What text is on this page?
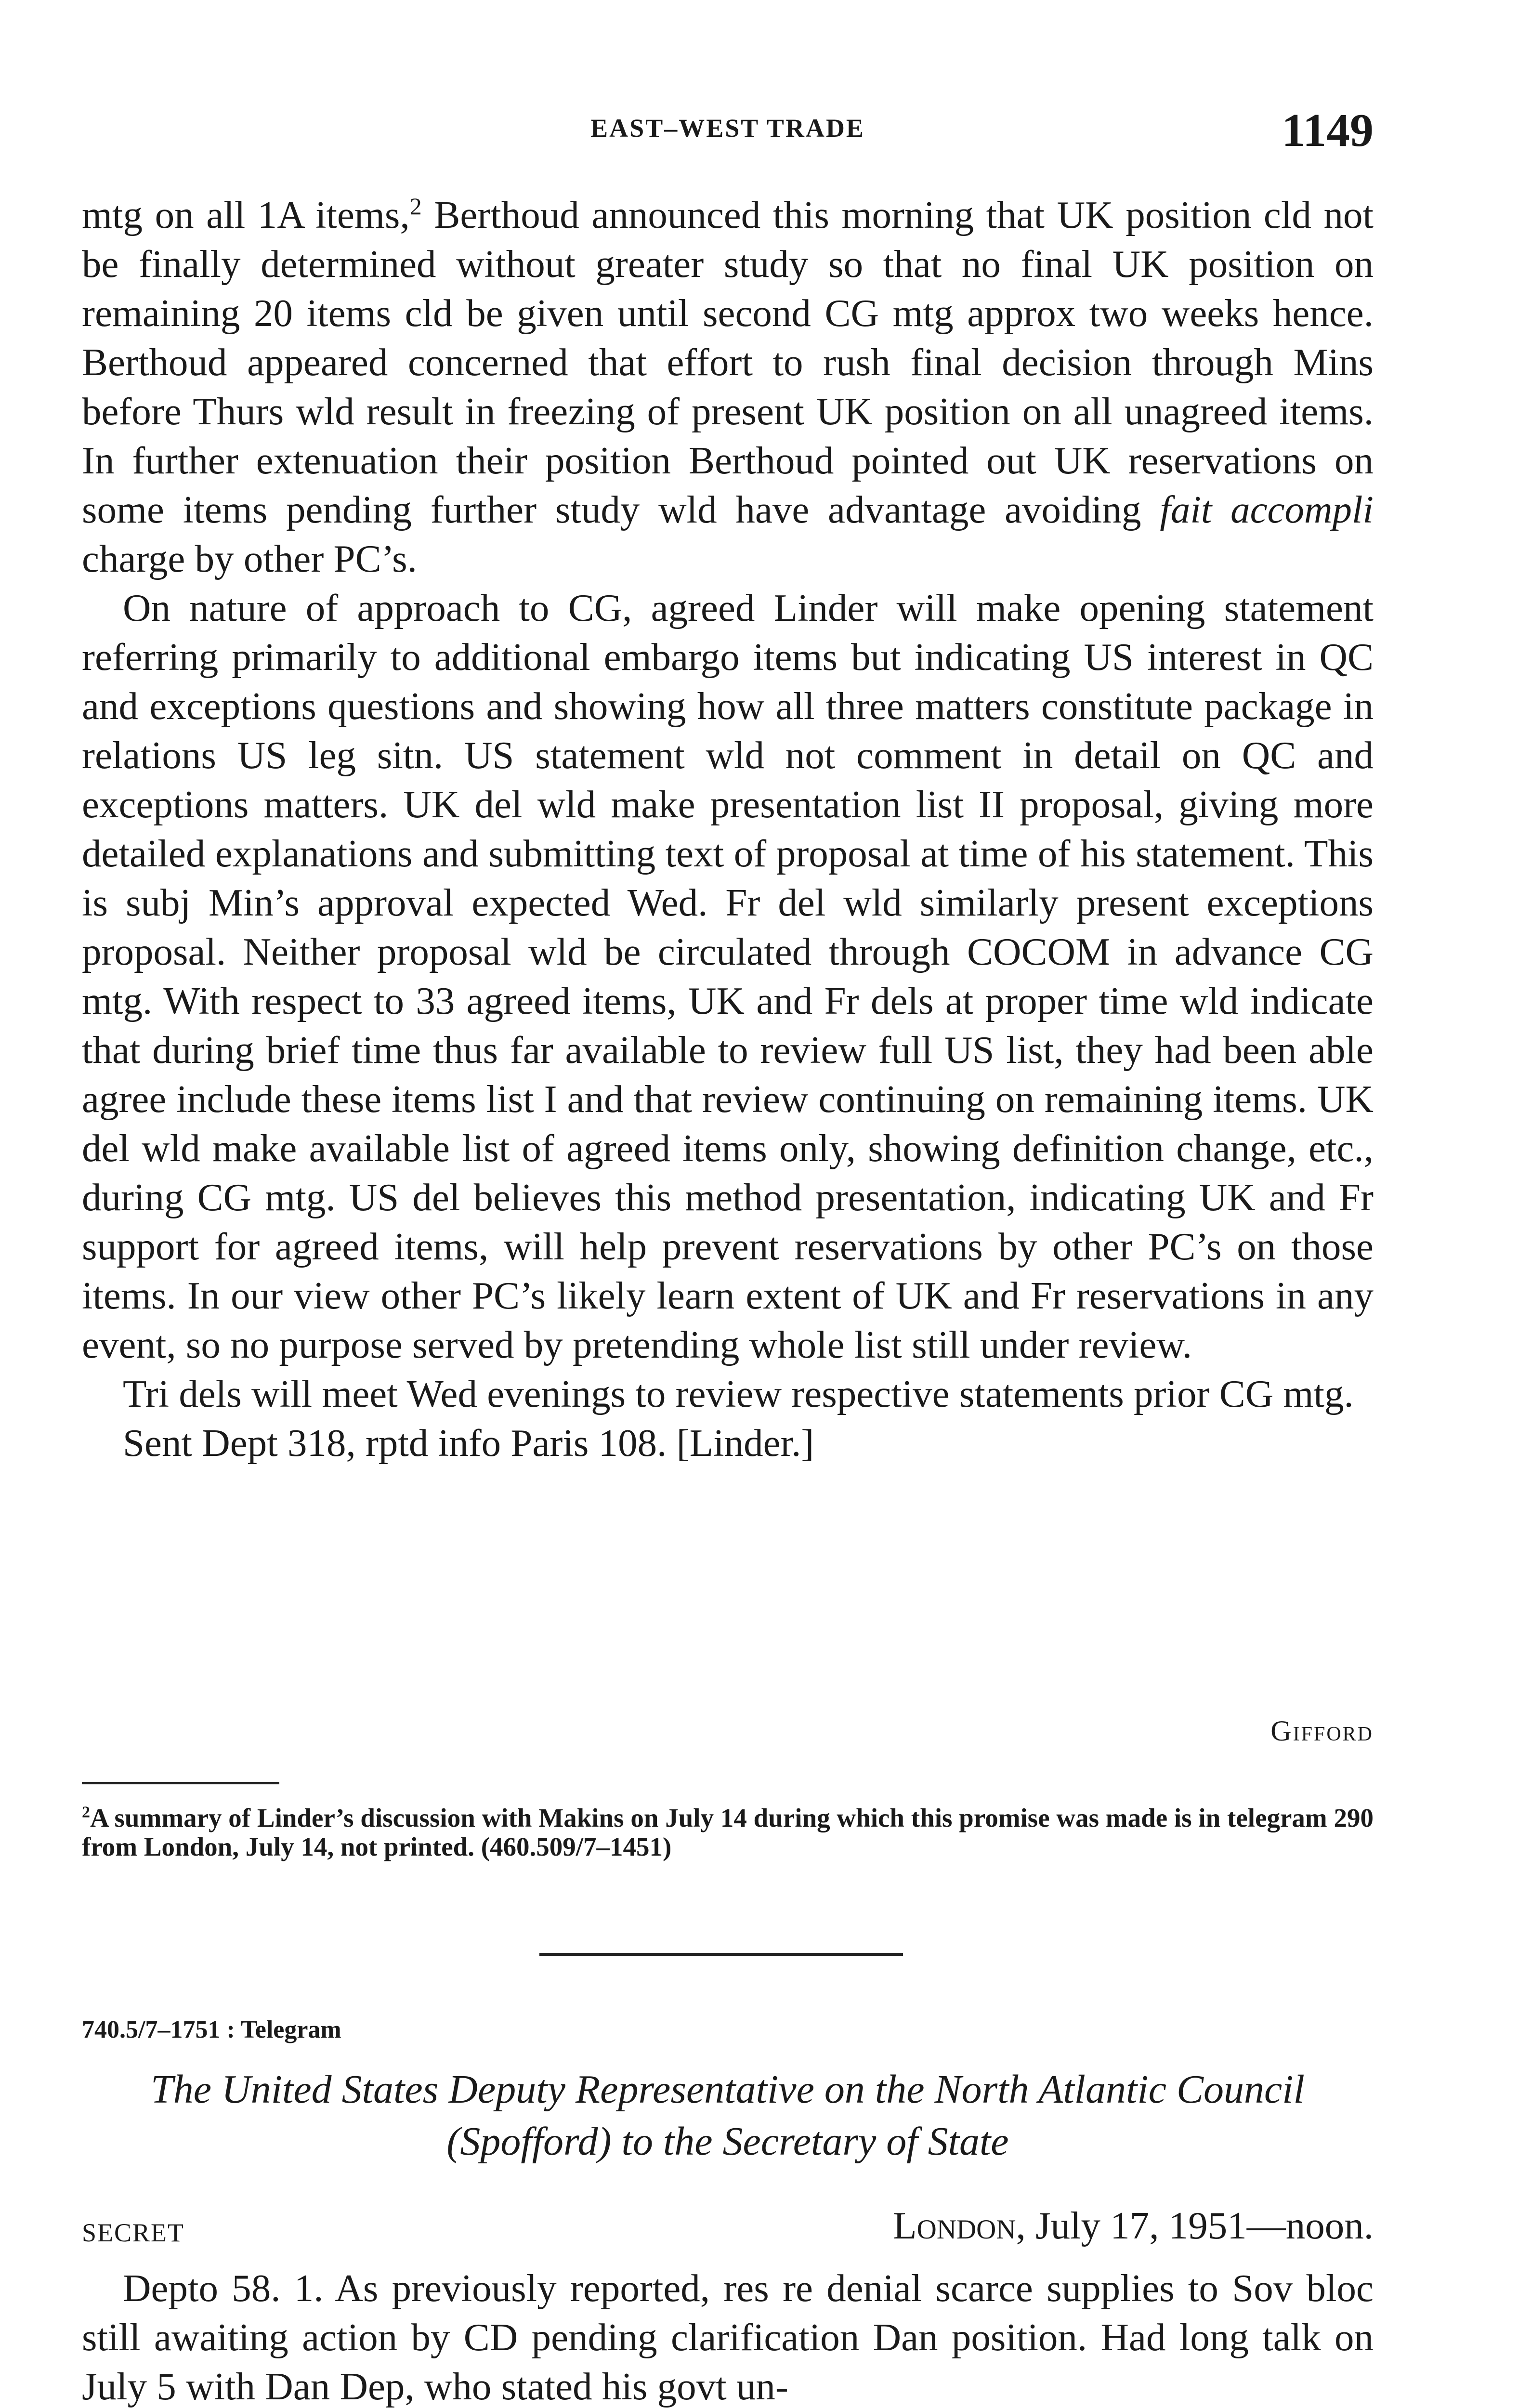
EAST–WEST TRADE	1149

mtg on all 1A items,$^2$ Berthoud announced this morning that UK position cld not be finally determined without greater study so that no final UK position on remaining 20 items cld be given until second CG mtg approx two weeks hence. Berthoud appeared concerned that effort to rush final decision through Mins before Thurs wld result in freezing of present UK position on all unagreed items. In further extenuation their position Berthoud pointed out UK reservations on some items pending further study wld have advantage avoiding fait accompli charge by other PC’s.

On nature of approach to CG, agreed Linder will make opening statement referring primarily to additional embargo items but indicating US interest in QC and exceptions questions and showing how all three matters constitute package in relations US leg sitn. US statement wld not comment in detail on QC and exceptions matters. UK del wld make presentation list II proposal, giving more detailed explanations and submitting text of proposal at time of his statement. This is subj Min’s approval expected Wed. Fr del wld similarly present exceptions proposal. Neither proposal wld be circulated through COCOM in advance CG mtg. With respect to 33 agreed items, UK and Fr dels at proper time wld indicate that during brief time thus far available to review full US list, they had been able agree include these items list I and that review continuing on remaining items. UK del wld make available list of agreed items only, showing definition change, etc., during CG mtg. US del believes this method presentation, indicating UK and Fr support for agreed items, will help prevent reservations by other PC’s on those items. In our view other PC’s likely learn extent of UK and Fr reservations in any event, so no purpose served by pretending whole list still under review.

Tri dels will meet Wed evenings to review respective statements prior CG mtg.

Sent Dept 318, rptd info Paris 108. [Linder.]

Gifford
$^2$A summary of Linder’s discussion with Makins on July 14 during which this promise was made is in telegram 290 from London, July 14, not printed. (460.509/7–1451)
740.5/7–1751 : Telegram
The United States Deputy Representative on the North Atlantic Council (Spofford) to the Secretary of State
SECRET	London, July 17, 1951—noon.

Depto 58. 1. As previously reported, res re denial scarce supplies to Sov bloc still awaiting action by CD pending clarification Dan position. Had long talk on July 5 with Dan Dep, who stated his govt un-
